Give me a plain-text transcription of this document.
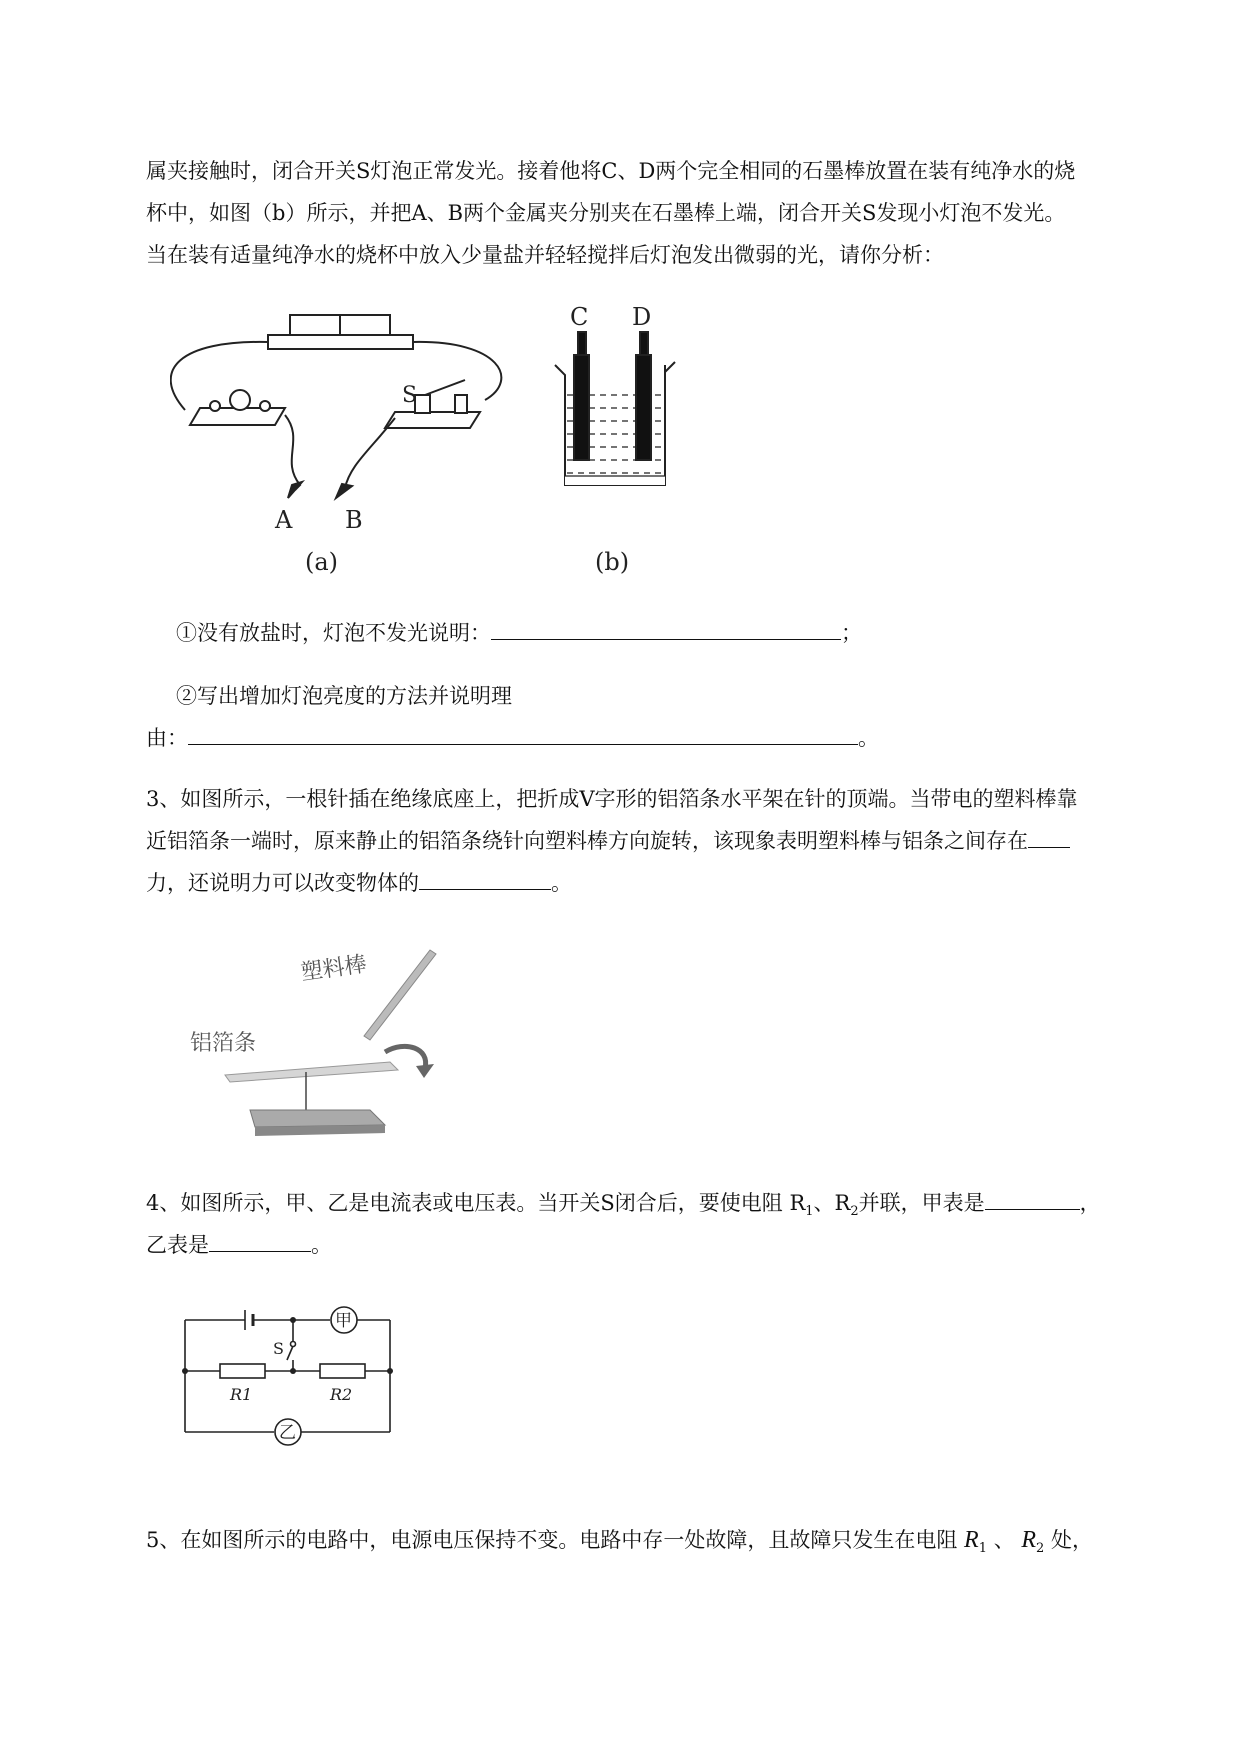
属夹接触时，闭合开关S灯泡正常发光。接着他将C、D两个完全相同的石墨棒放置在装有纯净水的烧
杯中，如图（b）所示，并把A、B两个金属夹分别夹在石墨棒上端，闭合开关S发现小灯泡不发光。
当在装有适量纯净水的烧杯中放入少量盐并轻轻搅拌后灯泡发出微弱的光，请你分析：
S
A B
(a)
C D
(b)
①没有放盐时，灯泡不发光说明：	；
②写出增加灯泡亮度的方法并说明理
由：	。
3、如图所示，一根针插在绝缘底座上，把折成V字形的铝箔条水平架在针的顶端。当带电的塑料棒靠
近铝箔条一端时，原来静止的铝箔条绕针向塑料棒方向旋转，该现象表明塑料棒与铝条之间存在
力，还说明力可以改变物体的	。
塑料棒
铝箔条
4、如图所示，甲、乙是电流表或电压表。当开关S闭合后，要使电阻 $R_1$、$R_2$并联，甲表是	，
乙表是	。
甲
乙
S
R1	R2
5、在如图所示的电路中，电源电压保持不变。电路中存一处故障，且故障只发生在电阻 $R_1$ 、 $R_2$ 处，
